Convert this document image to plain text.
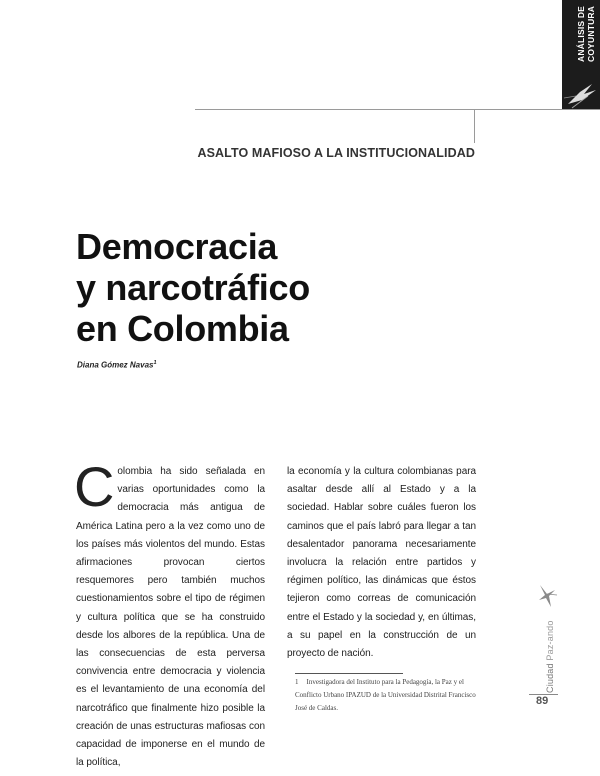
ANÁLISIS DE COYUNTURA
ASALTO MAFIOSO A LA INSTITUCIONALIDAD
Democracia
y narcotráfico
en Colombia
Diana Gómez Navas$^1$

Colombia ha sido señalada en varias oportunidades como la democracia más antigua de América Latina pero a la vez como uno de los países más violentos del mundo. Estas afirmaciones provocan ciertos resquemores pero también muchos cuestionamientos sobre el tipo de régimen y cultura política que se ha construido desde los albores de la república. Una de las consecuencias de esta perversa convivencia entre democracia y violencia es el levantamiento de una economía del narcotráfico que finalmente hizo posible la creación de unas estructuras mafiosas con capacidad de imponerse en el mundo de la política,

la economía y la cultura colombianas para asaltar desde allí al Estado y a la sociedad. Hablar sobre cuáles fueron los caminos que el país labró para llegar a tan desalentador panorama necesariamente involucra la relación entre partidos y régimen político, las dinámicas que éstos tejieron como correas de comunicación entre el Estado y la sociedad y, en últimas, a su papel en la construcción de un proyecto de nación.

1 Investigadora del Instituto para la Pedagogía, la Paz y el Conflicto Urbano IPAZUD de la Universidad Distrital Francisco José de Caldas.

Ciudad Paz-ando
89
